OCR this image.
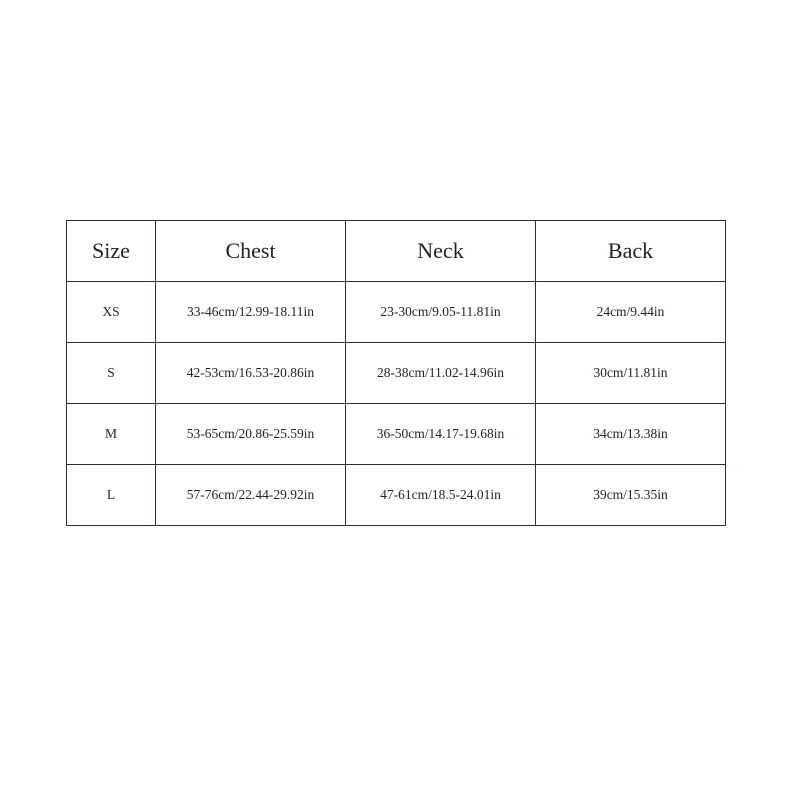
Size	Chest	Neck	Back
XS	33-46cm/12.99-18.11in	23-30cm/9.05-11.81in	24cm/9.44in
S	42-53cm/16.53-20.86in	28-38cm/11.02-14.96in	30cm/11.81in
M	53-65cm/20.86-25.59in	36-50cm/14.17-19.68in	34cm/13.38in
L	57-76cm/22.44-29.92in	47-61cm/18.5-24.01in	39cm/15.35in
